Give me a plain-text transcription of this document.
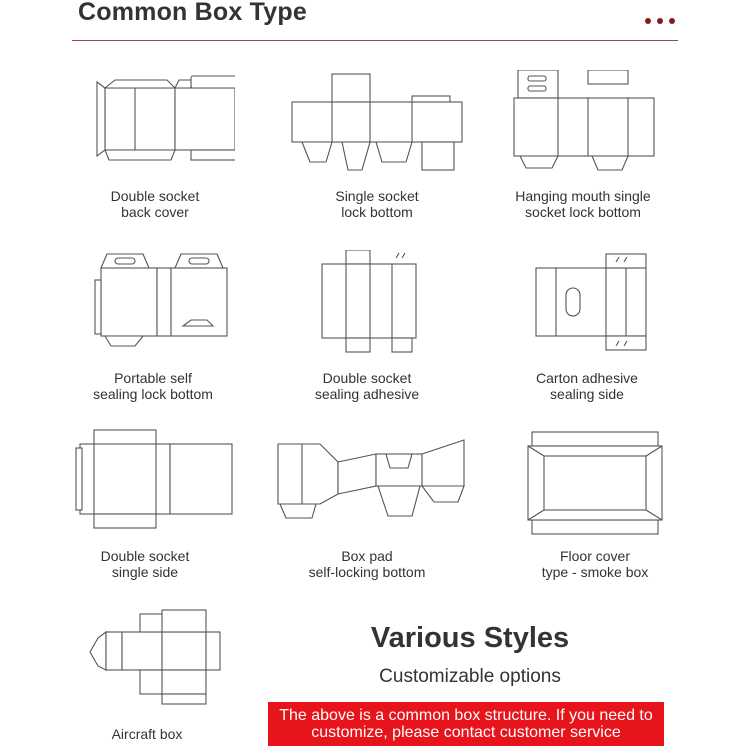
Common Box Type
Double socket
back cover
Single socket
lock bottom
Hanging mouth single
socket lock bottom
Portable self
sealing lock bottom
Double socket
sealing adhesive
Carton adhesive
sealing side
Double socket
single side
Box pad
self-locking bottom
Floor cover
type - smoke box
Aircraft box
Various Styles
Customizable options
The above is a common box structure. If you need to
customize, please contact customer service
